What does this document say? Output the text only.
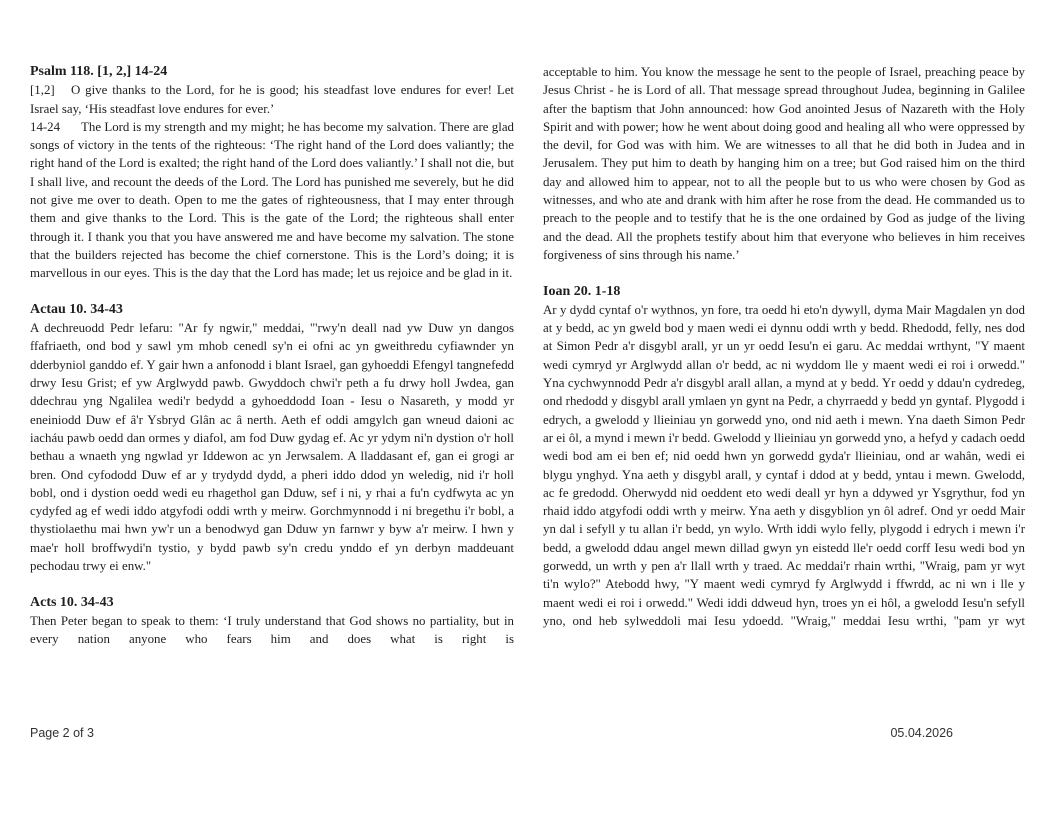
Psalm 118. [1, 2,] 14-24

[1,2] O give thanks to the Lord, for he is good; his steadfast love endures for ever! Let Israel say, ‘His steadfast love endures for ever.’

14-24 The Lord is my strength and my might; he has become my salvation. There are glad songs of victory in the tents of the righteous: ‘The right hand of the Lord does valiantly; the right hand of the Lord is exalted; the right hand of the Lord does valiantly.’ I shall not die, but I shall live, and recount the deeds of the Lord. The Lord has punished me severely, but he did not give me over to death. Open to me the gates of righteousness, that I may enter through them and give thanks to the Lord. This is the gate of the Lord; the righteous shall enter through it. I thank you that you have answered me and have become my salvation. The stone that the builders rejected has become the chief cornerstone. This is the Lord’s doing; it is marvellous in our eyes. This is the day that the Lord has made; let us rejoice and be glad in it.

Actau 10. 34-43

A dechreuodd Pedr lefaru: "Ar fy ngwir," meddai, "'rwy'n deall nad yw Duw yn dangos ffafriaeth, ond bod y sawl ym mhob cenedl sy'n ei ofni ac yn gweithredu cyfiawnder yn dderbyniol ganddo ef. Y gair hwn a anfonodd i blant Israel, gan gyhoeddi Efengyl tangnefedd drwy Iesu Grist; ef yw Arglwydd pawb. Gwyddoch chwi'r peth a fu drwy holl Jwdea, gan ddechrau yng Ngalilea wedi'r bedydd a gyhoeddodd Ioan - Iesu o Nasareth, y modd yr eneiniodd Duw ef â'r Ysbryd Glân ac â nerth. Aeth ef oddi amgylch gan wneud daioni ac iacháu pawb oedd dan ormes y diafol, am fod Duw gydag ef. Ac yr ydym ni'n dystion o'r holl bethau a wnaeth yng ngwlad yr Iddewon ac yn Jerwsalem. A lladdasant ef, gan ei grogi ar bren. Ond cyfododd Duw ef ar y trydydd dydd, a pheri iddo ddod yn weledig, nid i'r holl bobl, ond i dystion oedd wedi eu rhagethol gan Dduw, sef i ni, y rhai a fu'n cydfwyta ac yn cydyfed ag ef wedi iddo atgyfodi oddi wrth y meirw. Gorchmynnodd i ni bregethu i'r bobl, a thystiolaethu mai hwn yw'r un a benodwyd gan Dduw yn farnwr y byw a'r meirw. I hwn y mae'r holl broffwydi'n tystio, y bydd pawb sy'n credu ynddo ef yn derbyn maddeuant pechodau trwy ei enw."

Acts 10. 34-43

Then Peter began to speak to them: ‘I truly understand that God shows no partiality, but in every nation anyone who fears him and does what is right is

acceptable to him. You know the message he sent to the people of Israel, preaching peace by Jesus Christ - he is Lord of all. That message spread throughout Judea, beginning in Galilee after the baptism that John announced: how God anointed Jesus of Nazareth with the Holy Spirit and with power; how he went about doing good and healing all who were oppressed by the devil, for God was with him. We are witnesses to all that he did both in Judea and in Jerusalem. They put him to death by hanging him on a tree; but God raised him on the third day and allowed him to appear, not to all the people but to us who were chosen by God as witnesses, and who ate and drank with him after he rose from the dead. He commanded us to preach to the people and to testify that he is the one ordained by God as judge of the living and the dead. All the prophets testify about him that everyone who believes in him receives forgiveness of sins through his name.’

Ioan 20. 1-18

Ar y dydd cyntaf o'r wythnos, yn fore, tra oedd hi eto'n dywyll, dyma Mair Magdalen yn dod at y bedd, ac yn gweld bod y maen wedi ei dynnu oddi wrth y bedd. Rhedodd, felly, nes dod at Simon Pedr a'r disgybl arall, yr un yr oedd Iesu'n ei garu. Ac meddai wrthynt, "Y maent wedi cymryd yr Arglwydd allan o'r bedd, ac ni wyddom lle y maent wedi ei roi i orwedd." Yna cychwynnodd Pedr a'r disgybl arall allan, a mynd at y bedd. Yr oedd y ddau'n cydredeg, ond rhedodd y disgybl arall ymlaen yn gynt na Pedr, a chyrraedd y bedd yn gyntaf. Plygodd i edrych, a gwelodd y llieiniau yn gorwedd yno, ond nid aeth i mewn. Yna daeth Simon Pedr ar ei ôl, a mynd i mewn i'r bedd. Gwelodd y llieiniau yn gorwedd yno, a hefyd y cadach oedd wedi bod am ei ben ef; nid oedd hwn yn gorwedd gyda'r llieiniau, ond ar wahân, wedi ei blygu ynghyd. Yna aeth y disgybl arall, y cyntaf i ddod at y bedd, yntau i mewn. Gwelodd, ac fe gredodd. Oherwydd nid oeddent eto wedi deall yr hyn a ddywed yr Ysgrythur, fod yn rhaid iddo atgyfodi oddi wrth y meirw. Yna aeth y disgyblion yn ôl adref. Ond yr oedd Mair yn dal i sefyll y tu allan i'r bedd, yn wylo. Wrth iddi wylo felly, plygodd i edrych i mewn i'r bedd, a gwelodd ddau angel mewn dillad gwyn yn eistedd lle'r oedd corff Iesu wedi bod yn gorwedd, un wrth y pen a'r llall wrth y traed. Ac meddai'r rhain wrthi, "Wraig, pam yr wyt ti'n wylo?" Atebodd hwy, "Y maent wedi cymryd fy Arglwydd i ffwrdd, ac ni wn i lle y maent wedi ei roi i orwedd." Wedi iddi ddweud hyn, troes yn ei hôl, a gwelodd Iesu'n sefyll yno, ond heb sylweddoli mai Iesu ydoedd. "Wraig," meddai Iesu wrthi, "pam yr wyt

Page 2 of 3	05.04.2026
